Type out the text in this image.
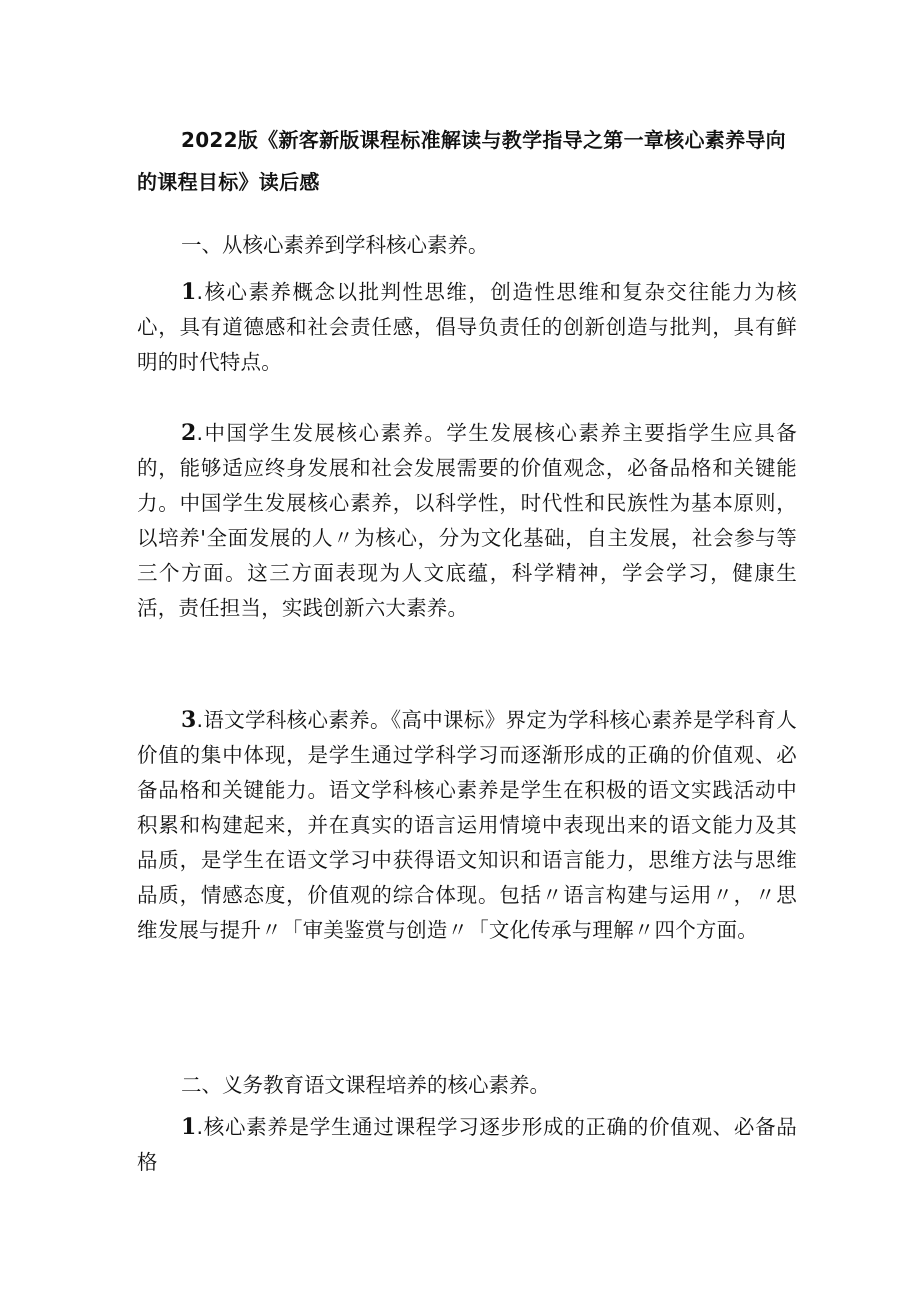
2022版《新客新版课程标准解读与教学指导之第一章核心素养导向
的课程目标》读后感

一、从核心素养到学科核心素养。

1.核心素养概念以批判性思维，创造性思维和复杂交往能力为核心，具有道德感和社会责任感，倡导负责任的创新创造与批判，具有鲜明的时代特点。

2.中国学生发展核心素养。学生发展核心素养主要指学生应具备的，能够适应终身发展和社会发展需要的价值观念，必备品格和关键能力。中国学生发展核心素养，以科学性，时代性和民族性为基本原则，以培养'全面发展的人〃为核心，分为文化基础，自主发展，社会参与等三个方面。这三方面表现为人文底蕴，科学精神，学会学习，健康生活，责任担当，实践创新六大素养。

3.语文学科核心素养。《高中课标》界定为学科核心素养是学科育人价值的集中体现，是学生通过学科学习而逐渐形成的正确的价值观、必备品格和关键能力。语文学科核心素养是学生在积极的语文实践活动中积累和构建起来，并在真实的语言运用情境中表现出来的语文能力及其品质，是学生在语文学习中获得语文知识和语言能力，思维方法与思维品质，情感态度，价值观的综合体现。包括〃语言构建与运用〃，〃思维发展与提升〃「审美鉴赏与创造〃「文化传承与理解〃四个方面。

二、义务教育语文课程培养的核心素养。

1.核心素养是学生通过课程学习逐步形成的正确的价值观、必备品格
